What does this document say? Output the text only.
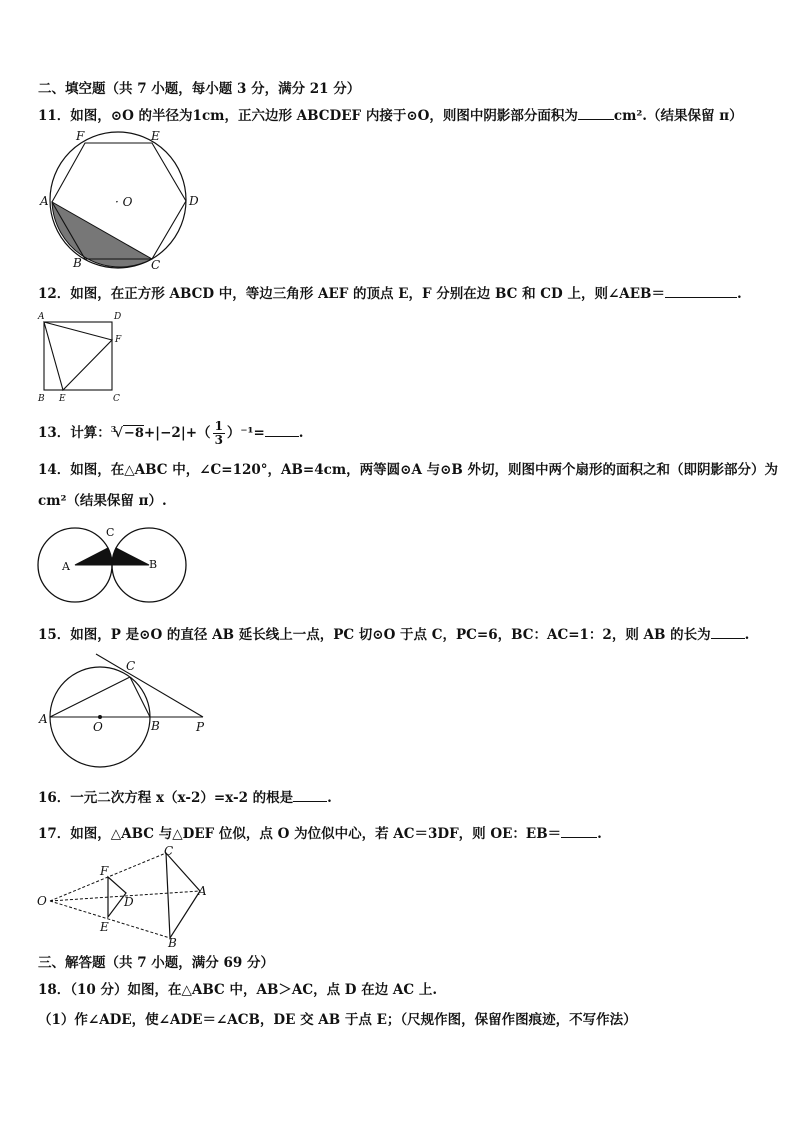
二、填空题（共 7 小题，每小题 3 分，满分 21 分）
11．如图，⊙O 的半径为1cm，正六边形 ABCDEF 内接于⊙O，则图中阴影部分面积为	cm².（结果保留 π）
A
B	C
D
E
F
· O
12．如图，在正方形 ABCD 中，等边三角形 AEF 的顶点 E，F 分别在边 BC 和 CD 上，则∠AEB＝	.
A	D
F
B E	C
13．计算：$^3√-8+|-2|+( \frac{1}{3} )^{-1}=$	.
14．如图，在△ABC 中，∠C=120°，AB=4cm，两等圆⊙A 与⊙B 外切，则图中两个扇形的面积之和（即阴影部分）为
cm²（结果保留 π）.
A	B
C
15．如图，P 是⊙O 的直径 AB 延长线上一点，PC 切⊙O 于点 C，PC=6，BC：AC=1：2，则 AB 的长为	.
A
O	B
C
P
16．一元二次方程 x（x-2）=x-2 的根是	.
17．如图，△ABC 与△DEF 位似，点 O 为位似中心，若 AC＝3DF，则 OE：EB＝	.
O
F
D
E
C
A
B
三、解答题（共 7 小题，满分 69 分）
18．（10 分）如图，在△ABC 中，AB＞AC，点 D 在边 AC 上.
（1）作∠ADE，使∠ADE＝∠ACB，DE 交 AB 于点 E；（尺规作图，保留作图痕迹，不写作法）
